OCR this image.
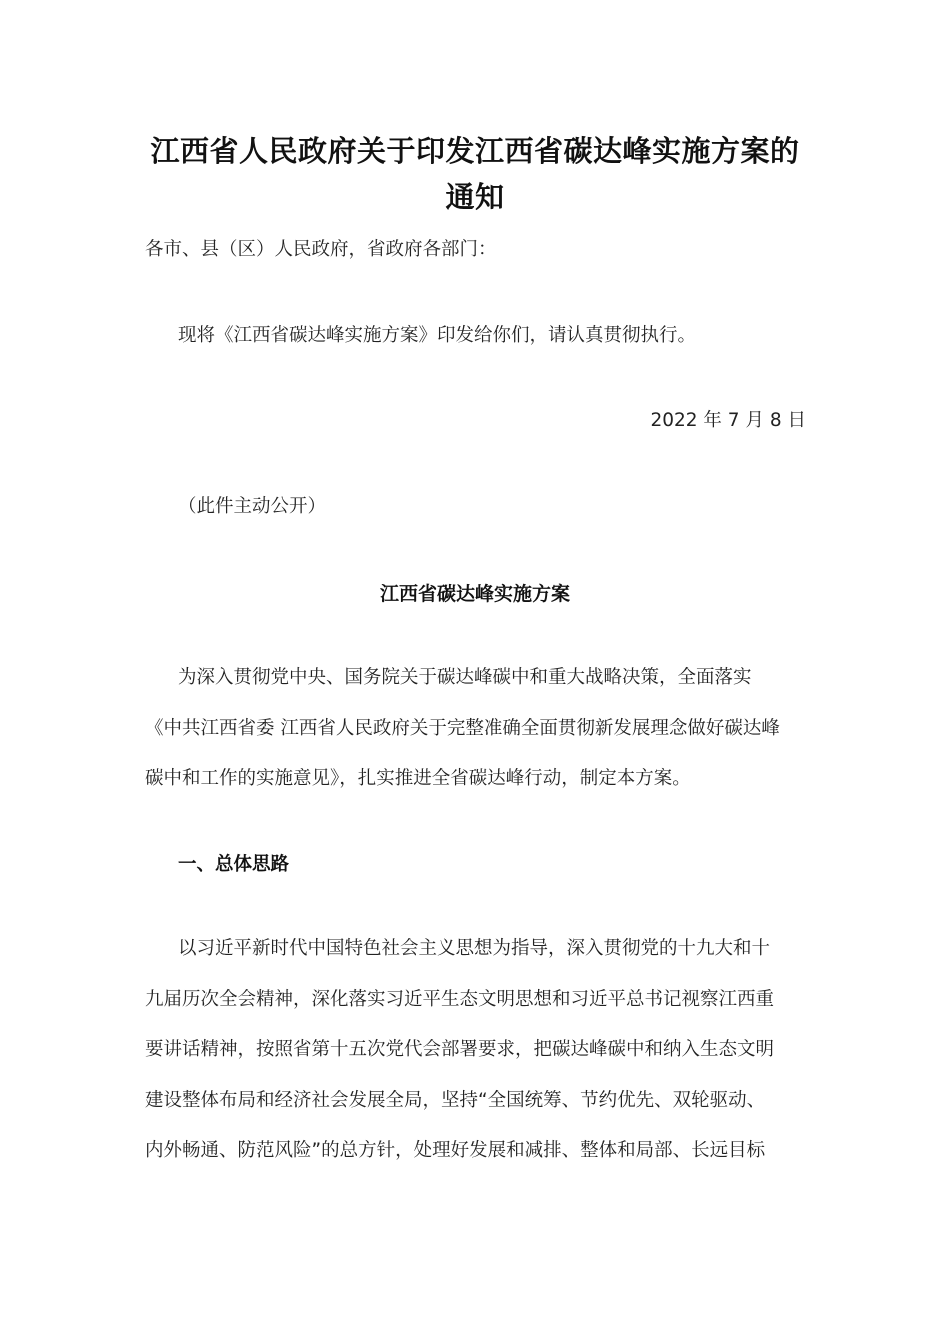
江西省人民政府关于印发江西省碳达峰实施方案的通知

各市、县（区）人民政府，省政府各部门：

现将《江西省碳达峰实施方案》印发给你们，请认真贯彻执行。

2022 年 7 月 8 日

（此件主动公开）

江西省碳达峰实施方案
为深入贯彻党中央、国务院关于碳达峰碳中和重大战略决策，全面落实
《中共江西省委 江西省人民政府关于完整准确全面贯彻新发展理念做好碳达峰
碳中和工作的实施意见》，扎实推进全省碳达峰行动，制定本方案。
一、总体思路
以习近平新时代中国特色社会主义思想为指导，深入贯彻党的十九大和十
九届历次全会精神，深化落实习近平生态文明思想和习近平总书记视察江西重
要讲话精神，按照省第十五次党代会部署要求，把碳达峰碳中和纳入生态文明
建设整体布局和经济社会发展全局，坚持“全国统筹、节约优先、双轮驱动、
内外畅通、防范风险”的总方针，处理好发展和减排、整体和局部、长远目标
